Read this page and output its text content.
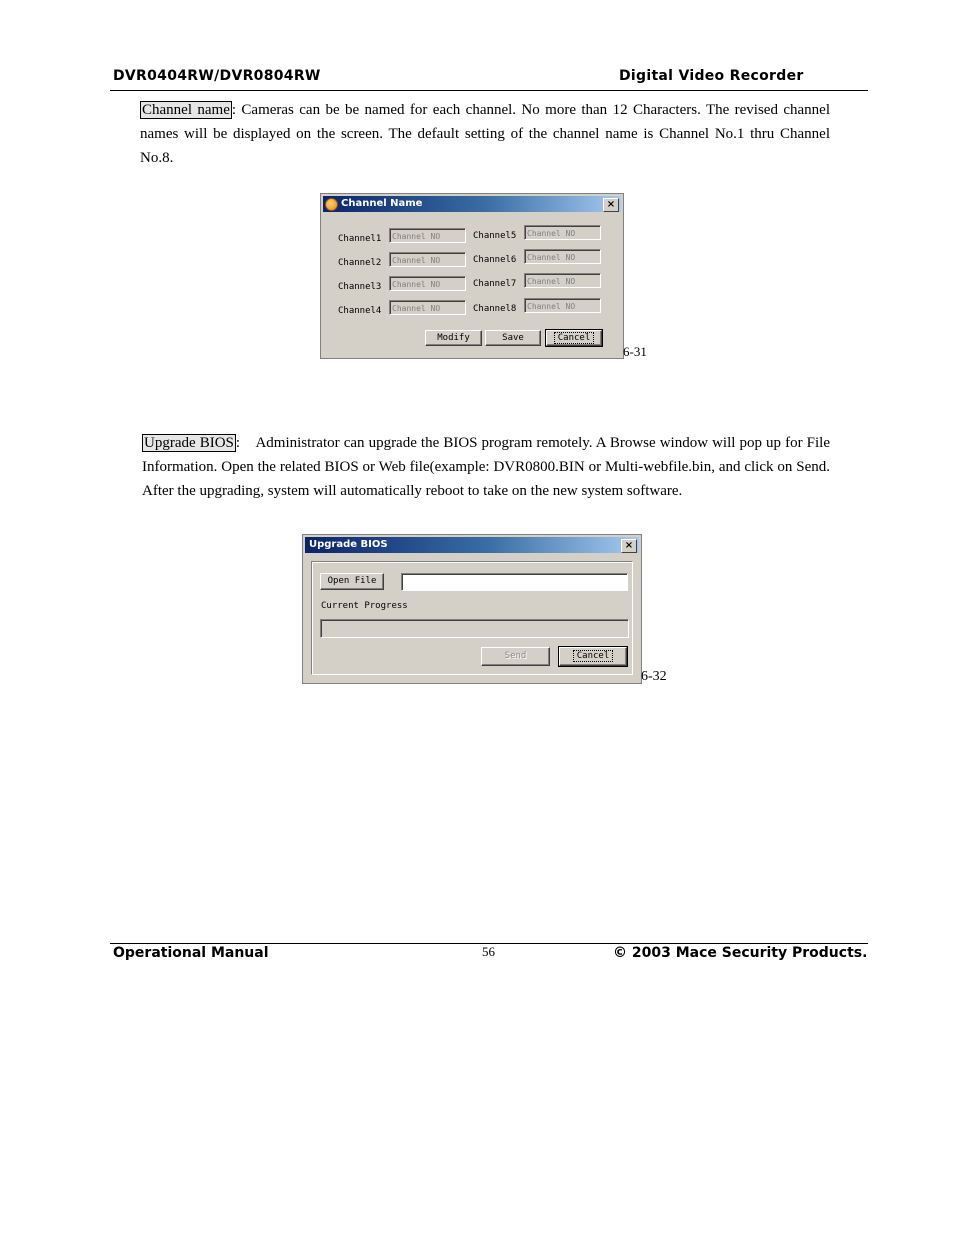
DVR0404RW/DVR0804RW	Digital Video Recorder
Channel name : Cameras can be be named for each channel. No more than 12 Characters. The revised channel names will be displayed on the screen. The default setting of the channel name is Channel No.1 thru Channel No.8.
Channel Name	×
Channel1	Channel NO
Channel2	Channel NO
Channel3	Channel NO
Channel4	Channel NO
Channel5	Channel NO
Channel6	Channel NO
Channel7	Channel NO
Channel8	Channel NO
Modify	Save	Cancel
6-31
Upgrade BIOS :    Administrator can upgrade the BIOS program remotely. A Browse window will pop up for File Information. Open the related BIOS or Web file(example: DVR0800.BIN or Multi-webfile.bin, and click on Send. After the upgrading, system will automatically reboot to take on the new system software.
Upgrade BIOS	×
Open File
Current Progress
Send	Cancel
6-32
Operational Manual	56	© 2003 Mace Security Products.
